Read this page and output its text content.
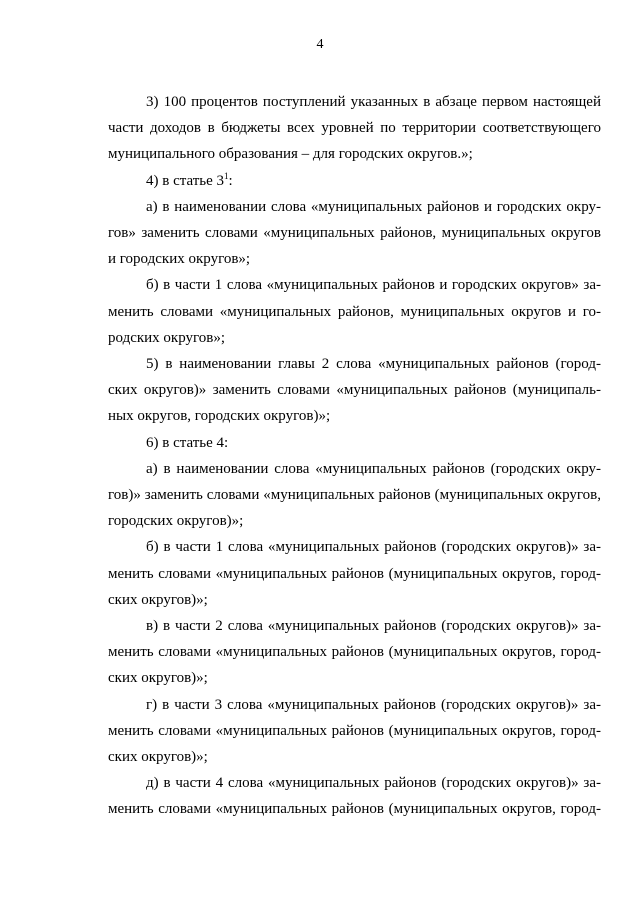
4

3) 100 процентов поступлений указанных в абзаце первом настоящей
части доходов в бюджеты всех уровней по территории соответствующего
муниципального образования – для городских округов.»;

4) в статье $3^1$:

а) в наименовании слова «муниципальных районов и городских окру-
гов» заменить словами «муниципальных районов, муниципальных округов
и городских округов»;

б) в части 1 слова «муниципальных районов и городских округов» за-
менить словами «муниципальных районов, муниципальных округов и го-
родских округов»;

5) в наименовании главы 2 слова «муниципальных районов (город-
ских округов)» заменить словами «муниципальных районов (муниципаль-
ных округов, городских округов)»;

6) в статье 4:

а) в наименовании слова «муниципальных районов (городских окру-
гов)» заменить словами «муниципальных районов (муниципальных округов,
городских округов)»;

б) в части 1 слова «муниципальных районов (городских округов)» за-
менить словами «муниципальных районов (муниципальных округов, город-
ских округов)»;

в) в части 2 слова «муниципальных районов (городских округов)» за-
менить словами «муниципальных районов (муниципальных округов, город-
ских округов)»;

г) в части 3 слова «муниципальных районов (городских округов)» за-
менить словами «муниципальных районов (муниципальных округов, город-
ских округов)»;

д) в части 4 слова «муниципальных районов (городских округов)» за-
менить словами «муниципальных районов (муниципальных округов, город-
